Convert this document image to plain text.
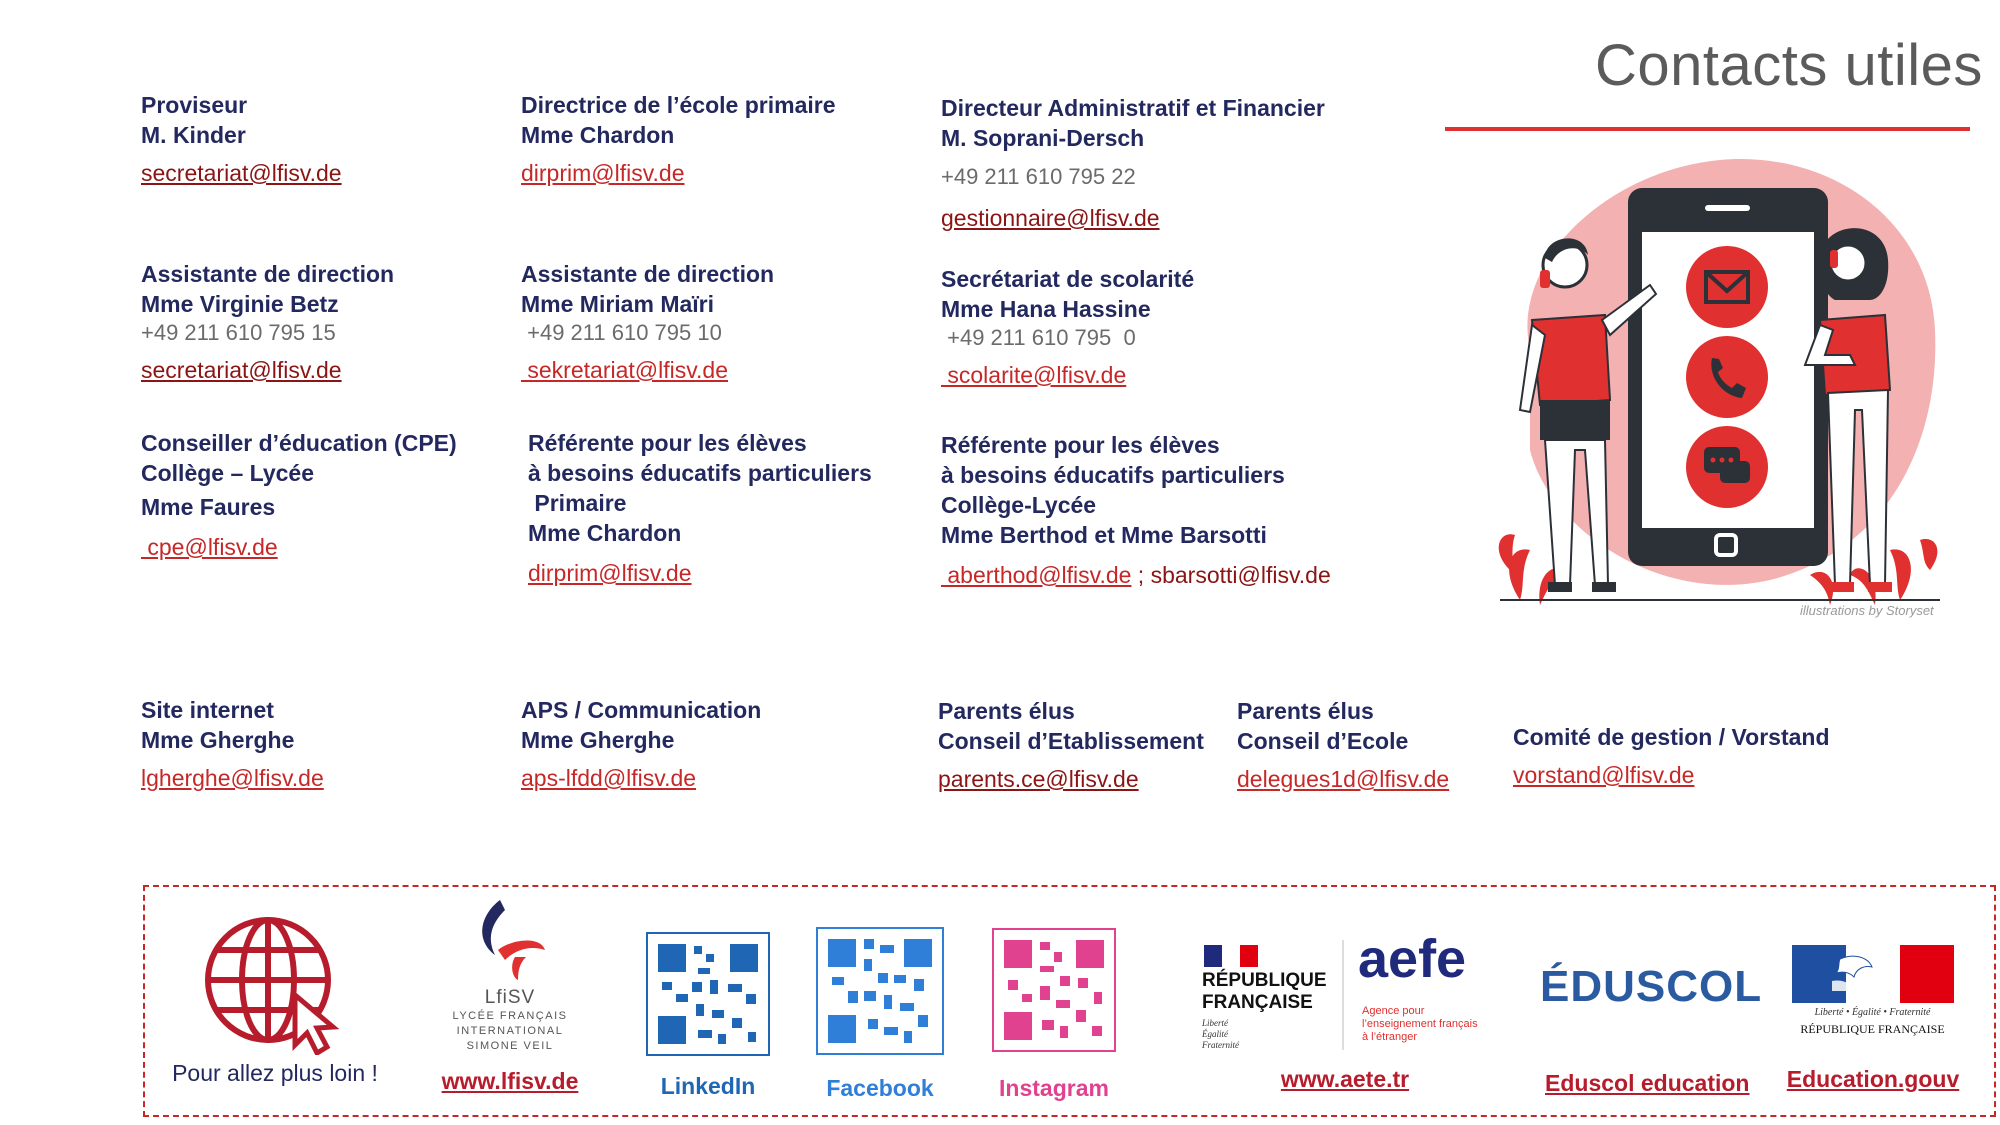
Contacts utiles
Proviseur
M. Kinder
secretariat@lfisv.de
Directrice de l’école primaire
Mme Chardon
dirprim@lfisv.de
Directeur Administratif et Financier
M. Soprani-Dersch
+49 211 610 795 22
gestionnaire@lfisv.de
Assistante de direction
Mme Virginie Betz
+49 211 610 795 15
secretariat@lfisv.de
Assistante de direction
Mme Miriam Maïri
+49 211 610 795 10
sekretariat@lfisv.de
Secrétariat de scolarité
Mme Hana Hassine
+49 211 610 795  0
scolarite@lfisv.de
Conseiller d’éducation (CPE)
Collège – Lycée
Mme Faures
cpe@lfisv.de
Référente pour les élèves
à besoins éducatifs particuliers
Primaire
Mme Chardon
dirprim@lfisv.de
Référente pour les élèves
à besoins éducatifs particuliers
Collège-Lycée
Mme Berthod et Mme Barsotti
aberthod@lfisv.de ; sbarsotti@lfisv.de
Site internet
Mme Gherghe
lgherghe@lfisv.de
APS / Communication
Mme Gherghe
aps-lfdd@lfisv.de
Parents élus
Conseil d’Etablissement
parents.ce@lfisv.de
Parents élus
Conseil d’Ecole
delegues1d@lfisv.de
Comité de gestion / Vorstand
vorstand@lfisv.de
illustrations by Storyset
Pour allez plus loin !
LfiSV
LYCÉE FRANÇAIS
INTERNATIONAL
SIMONE VEIL
www.lfisv.de	LinkedIn	Facebook	Instagram
RÉPUBLIQUE
FRANÇAISE
Liberté
Égalité
Fraternité
aefe
Agence pour
l’enseignement français
à l’étranger
www.aete.tr
ÉDUSCOL
Eduscol education
Liberté • Égalité • Fraternité
RÉPUBLIQUE FRANÇAISE
Education.gouv
